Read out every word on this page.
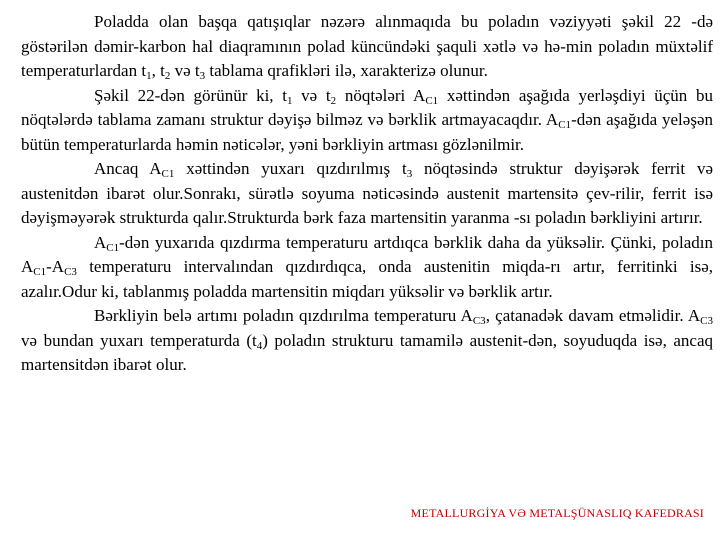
Poladda olan başqa qatışıqlar nəzərə alınmaqıda bu poladın vəziyyəti şəkil 22 -də göstərilən dəmir-karbon hal diaqramının polad küncündəki şaquli xətlə və hə-min poladın müxtəlif temperaturlardan $t_1$, $t_2$ və $t_3$ tablama qrafikləri ilə, xarakterizə olunur.

Şəkil 22-dən görünür ki, $t_1$ və $t_2$ nöqtələri $A_{C1}$ xəttindən aşağıda yerləşdiyi üçün bu nöqtələrdə tablama zamanı struktur dəyişə bilməz və bərklik artmayacaqdır. $A_{C1}$-dən aşağıda yeləşən bütün temperaturlarda həmin nəticələr, yəni bərkliyin artması gözlənilmir.

Ancaq $A_{C1}$ xəttindən yuxarı qızdırılmış $t_3$ nöqtəsində struktur dəyişərək ferrit və austenitdən ibarət olur.Sonrakı, sürətlə soyuma nəticəsində austenit martensitə çev-rilir, ferrit isə dəyişməyərək strukturda qalır.Strukturda bərk faza martensitin yaranma -sı poladın bərkliyini artırır.

$A_{C1}$-dən yuxarıda qızdırma temperaturu artdıqca bərklik daha da yüksəlir. Çünki, poladın $A_{C1}-A_{C3}$ temperaturu intervalından qızdırdıqca, onda austenitin miqda-rı artır, ferritinki isə, azalır.Odur ki, tablanmış poladda martensitin miqdarı yüksəlir və bərklik artır.

Bərkliyin belə artımı poladın qızdırılma temperaturu $A_{C3}$, çatanadək davam etməlidir. $A_{C3}$ və bundan yuxarı temperaturda $(t_4)$ poladın strukturu tamamilə austenit-dən, soyuduqda isə, ancaq martensitdən ibarət olur.

METALLURGİYA VƏ METALŞÜNASLIQ KAFEDRASI
